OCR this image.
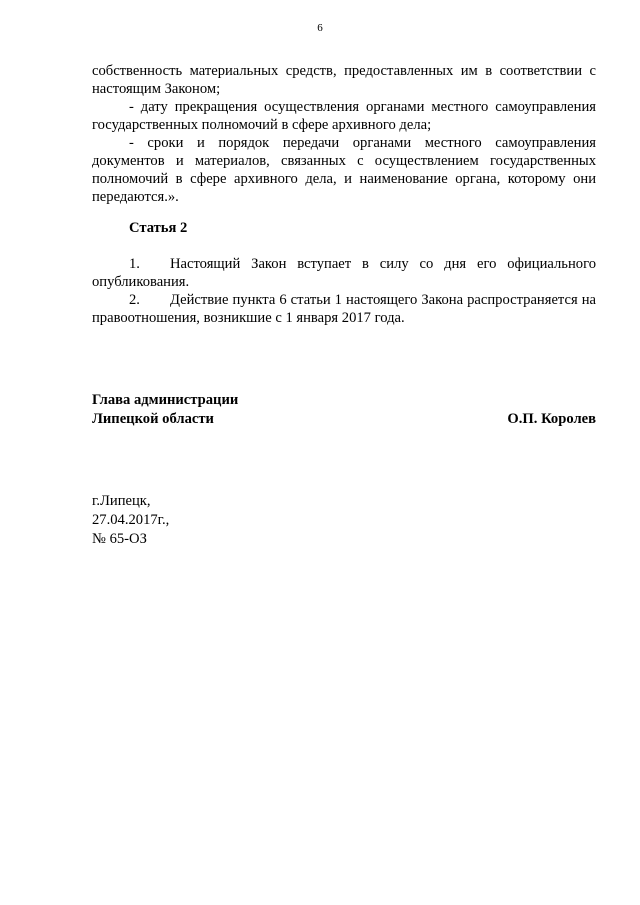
6

собственность материальных средств, предоставленных им в соответствии с настоящим Законом;

- дату прекращения осуществления органами местного самоуправления государственных полномочий в сфере архивного дела;

- сроки и порядок передачи органами местного самоуправления документов и материалов, связанных с осуществлением государственных полномочий в сфере архивного дела, и наименование органа, которому они передаются.».

Статья 2

1. Настоящий Закон вступает в силу со дня его официального опубликования.

2. Действие пункта 6 статьи 1 настоящего Закона распространяется на правоотношения, возникшие с 1 января 2017 года.

Глава администрации
Липецкой области	О.П. Королев
г.Липецк,
27.04.2017г.,
№ 65-ОЗ
